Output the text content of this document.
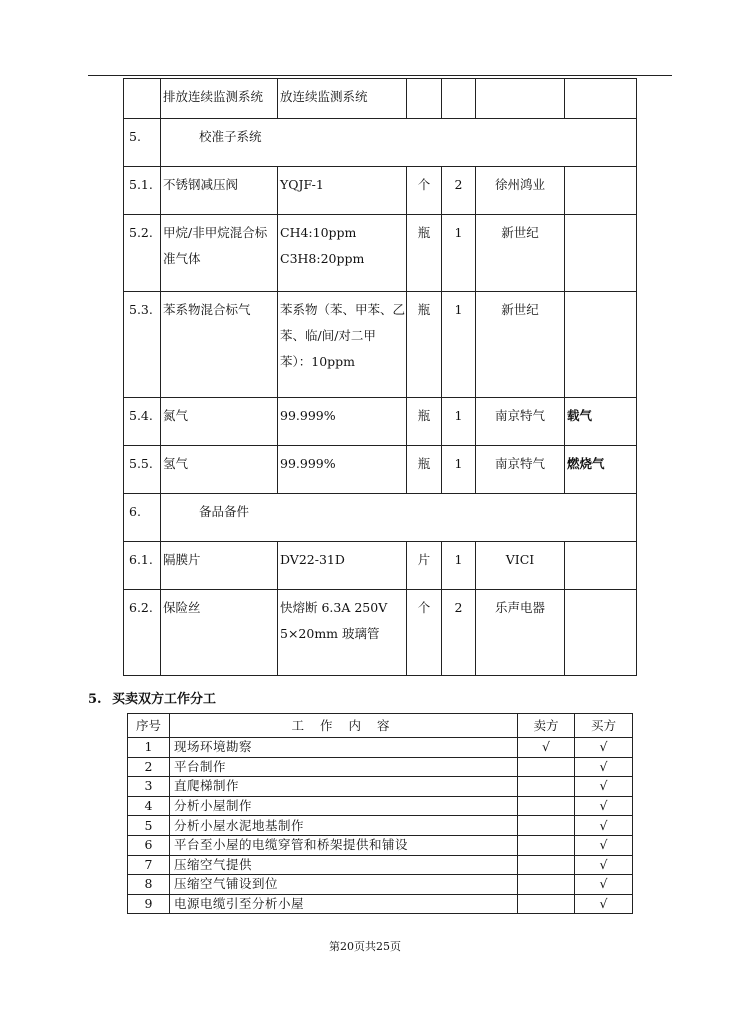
	排放连续监测系统	放连续监测系统				

5.	校准子系统					

5.1.	不锈钢减压阀	YQJF-1	个	2	徐州鸿业	

5.2.	甲烷/非甲烷混合标准气体	CH4:10ppm C3H8:20ppm	瓶	1	新世纪	

5.3.	苯系物混合标气	苯系物（苯、甲苯、乙苯、临/间/对二甲苯）：10ppm	瓶	1	新世纪	

5.4.	氮气	99.999%	瓶	1	南京特气	载气

5.5.	氢气	99.999%	瓶	1	南京特气	燃烧气

6.	备品备件					

6.1.	隔膜片	DV22-31D	片	1	VICI	

6.2.	保险丝	快熔断 6.3A 250V
5×20mm 玻璃管	个	2	乐声电器	

5. 买卖双方工作分工
序号	工 作 内 容	卖方	买方
1	现场环境勘察	√	√
2	平台制作		√
3	直爬梯制作		√
4	分析小屋制作		√
5	分析小屋水泥地基制作		√
6	平台至小屋的电缆穿管和桥架提供和铺设		√
7	压缩空气提供		√
8	压缩空气铺设到位		√
9	电源电缆引至分析小屋		√
第20页共25页
